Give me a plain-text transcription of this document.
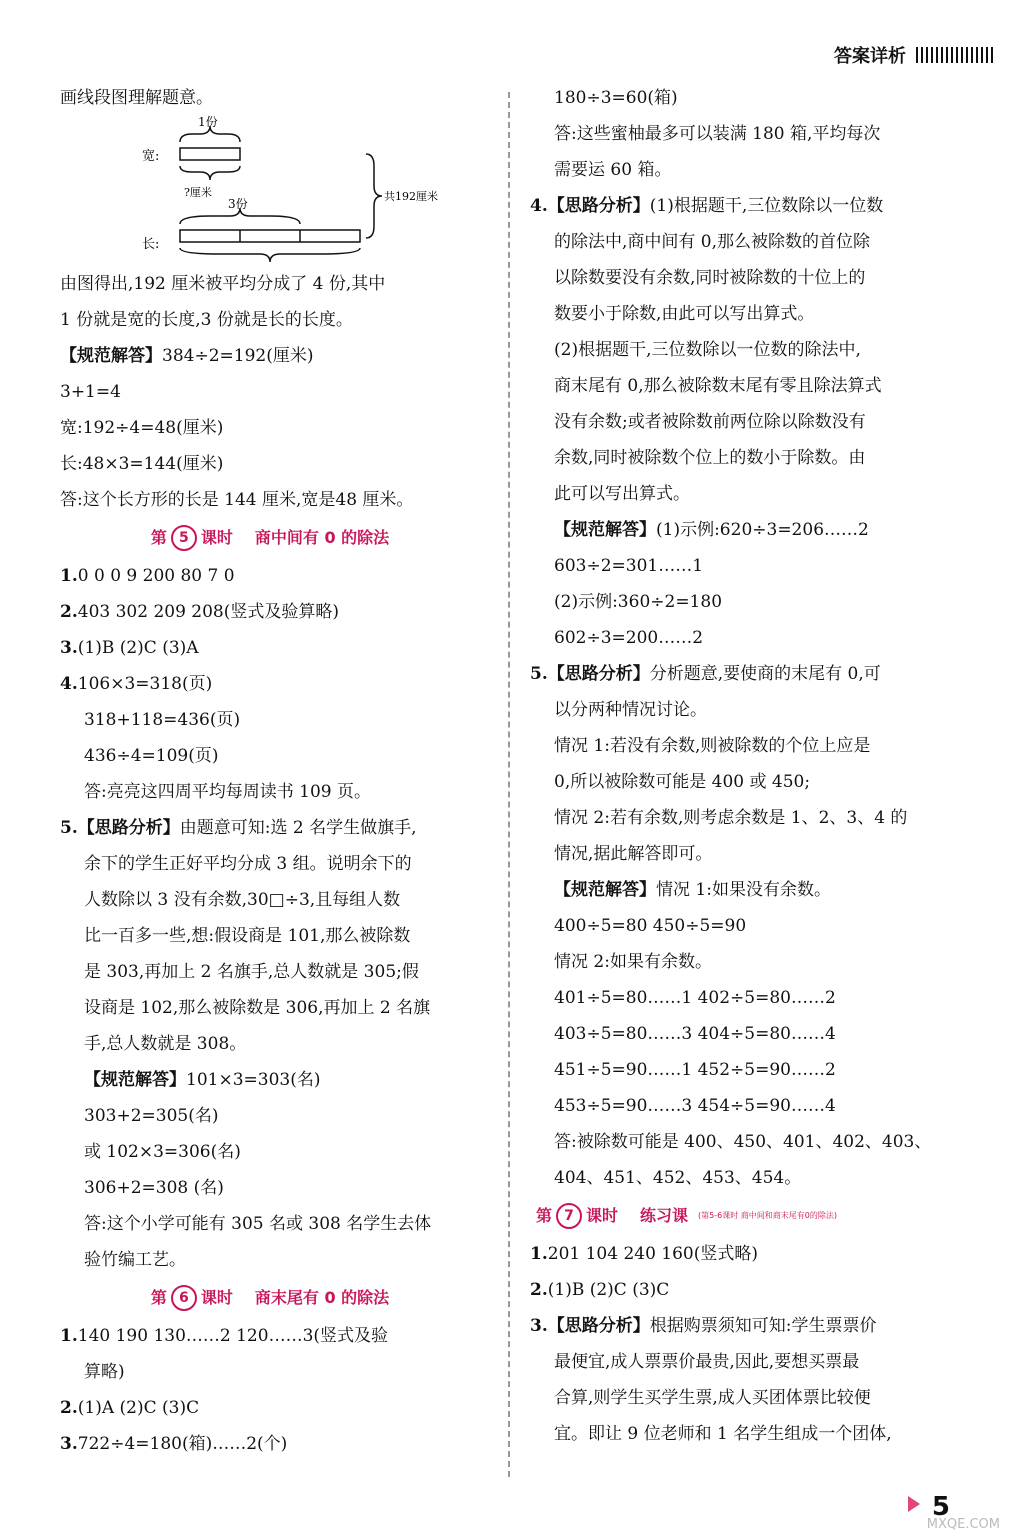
答案详析
画线段图理解题意。
宽:
1份
?厘米
长:
3份
共192厘米
由图得出,192 厘米被平均分成了 4 份,其中
1 份就是宽的长度,3 份就是长的长度。
【规范解答】384÷2=192(厘米)
3+1=4
宽:192÷4=48(厘米)
长:48×3=144(厘米)
答:这个长方形的长是 144 厘米,宽是48 厘米。
第 5 课时 商中间有 0 的除法
1.0 0 0 9 200 80 7 0
2.403 302 209 208(竖式及验算略)
3.(1)B (2)C (3)A
4.106×3=318(页)
318+118=436(页)
436÷4=109(页)
答:亮亮这四周平均每周读书 109 页。
5.【思路分析】由题意可知:选 2 名学生做旗手,
余下的学生正好平均分成 3 组。说明余下的
人数除以 3 没有余数,30□÷3,且每组人数
比一百多一些,想:假设商是 101,那么被除数
是 303,再加上 2 名旗手,总人数就是 305;假
设商是 102,那么被除数是 306,再加上 2 名旗
手,总人数就是 308。
【规范解答】101×3=303(名)
303+2=305(名)
或 102×3=306(名)
306+2=308 (名)
答:这个小学可能有 305 名或 308 名学生去体
验竹编工艺。
第 6 课时 商末尾有 0 的除法
1.140 190 130……2 120……3(竖式及验
算略)
2.(1)A (2)C (3)C
3.722÷4=180(箱)……2(个)
180÷3=60(箱)
答:这些蜜柚最多可以装满 180 箱,平均每次
需要运 60 箱。
4.【思路分析】(1)根据题干,三位数除以一位数
的除法中,商中间有 0,那么被除数的首位除
以除数要没有余数,同时被除数的十位上的
数要小于除数,由此可以写出算式。
(2)根据题干,三位数除以一位数的除法中,
商末尾有 0,那么被除数末尾有零且除法算式
没有余数;或者被除数前两位除以除数没有
余数,同时被除数个位上的数小于除数。由
此可以写出算式。
【规范解答】(1)示例:620÷3=206……2
603÷2=301……1
(2)示例:360÷2=180
602÷3=200……2
5.【思路分析】分析题意,要使商的末尾有 0,可
以分两种情况讨论。
情况 1:若没有余数,则被除数的个位上应是
0,所以被除数可能是 400 或 450;
情况 2:若有余数,则考虑余数是 1、2、3、4 的
情况,据此解答即可。
【规范解答】情况 1:如果没有余数。
400÷5=80 450÷5=90
情况 2:如果有余数。
401÷5=80……1 402÷5=80……2
403÷5=80……3 404÷5=80……4
451÷5=90……1 452÷5=90……2
453÷5=90……3 454÷5=90……4
答:被除数可能是 400、450、401、402、403、
404、451、452、453、454。
第 7 课时 练习课 (第5-6课时 商中间和商末尾有0的除法)
1.201 104 240 160(竖式略)
2.(1)B (2)C (3)C
3.【思路分析】根据购票须知可知:学生票票价
最便宜,成人票票价最贵,因此,要想买票最
合算,则学生买学生票,成人买团体票比较便
宜。即让 9 位老师和 1 名学生组成一个团体,
5
MXQE.COM
